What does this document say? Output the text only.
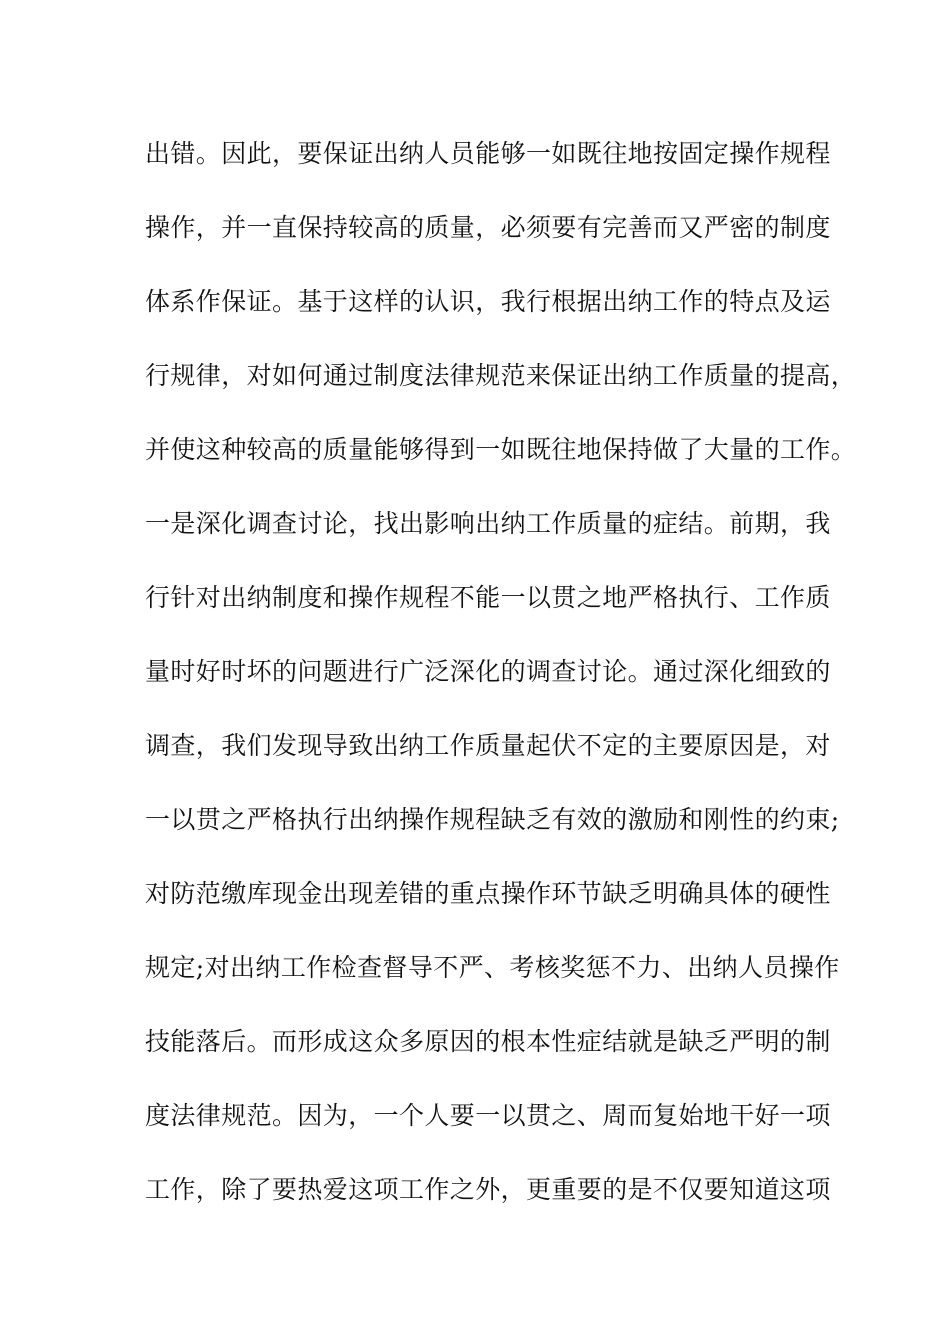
出错。因此，要保证出纳人员能够一如既往地按固定操作规程
操作，并一直保持较高的质量，必须要有完善而又严密的制度
体系作保证。基于这样的认识，我行根据出纳工作的特点及运
行规律，对如何通过制度法律规范来保证出纳工作质量的提高，
并使这种较高的质量能够得到一如既往地保持做了大量的工作。
一是深化调查讨论，找出影响出纳工作质量的症结。前期，我
行针对出纳制度和操作规程不能一以贯之地严格执行、工作质
量时好时坏的问题进行广泛深化的调查讨论。通过深化细致的
调查，我们发现导致出纳工作质量起伏不定的主要原因是，对
一以贯之严格执行出纳操作规程缺乏有效的激励和刚性的约束;
对防范缴库现金出现差错的重点操作环节缺乏明确具体的硬性
规定;对出纳工作检查督导不严、考核奖惩不力、出纳人员操作
技能落后。而形成这众多原因的根本性症结就是缺乏严明的制
度法律规范。因为，一个人要一以贯之、周而复始地干好一项
工作，除了要热爱这项工作之外，更重要的是不仅要知道这项
